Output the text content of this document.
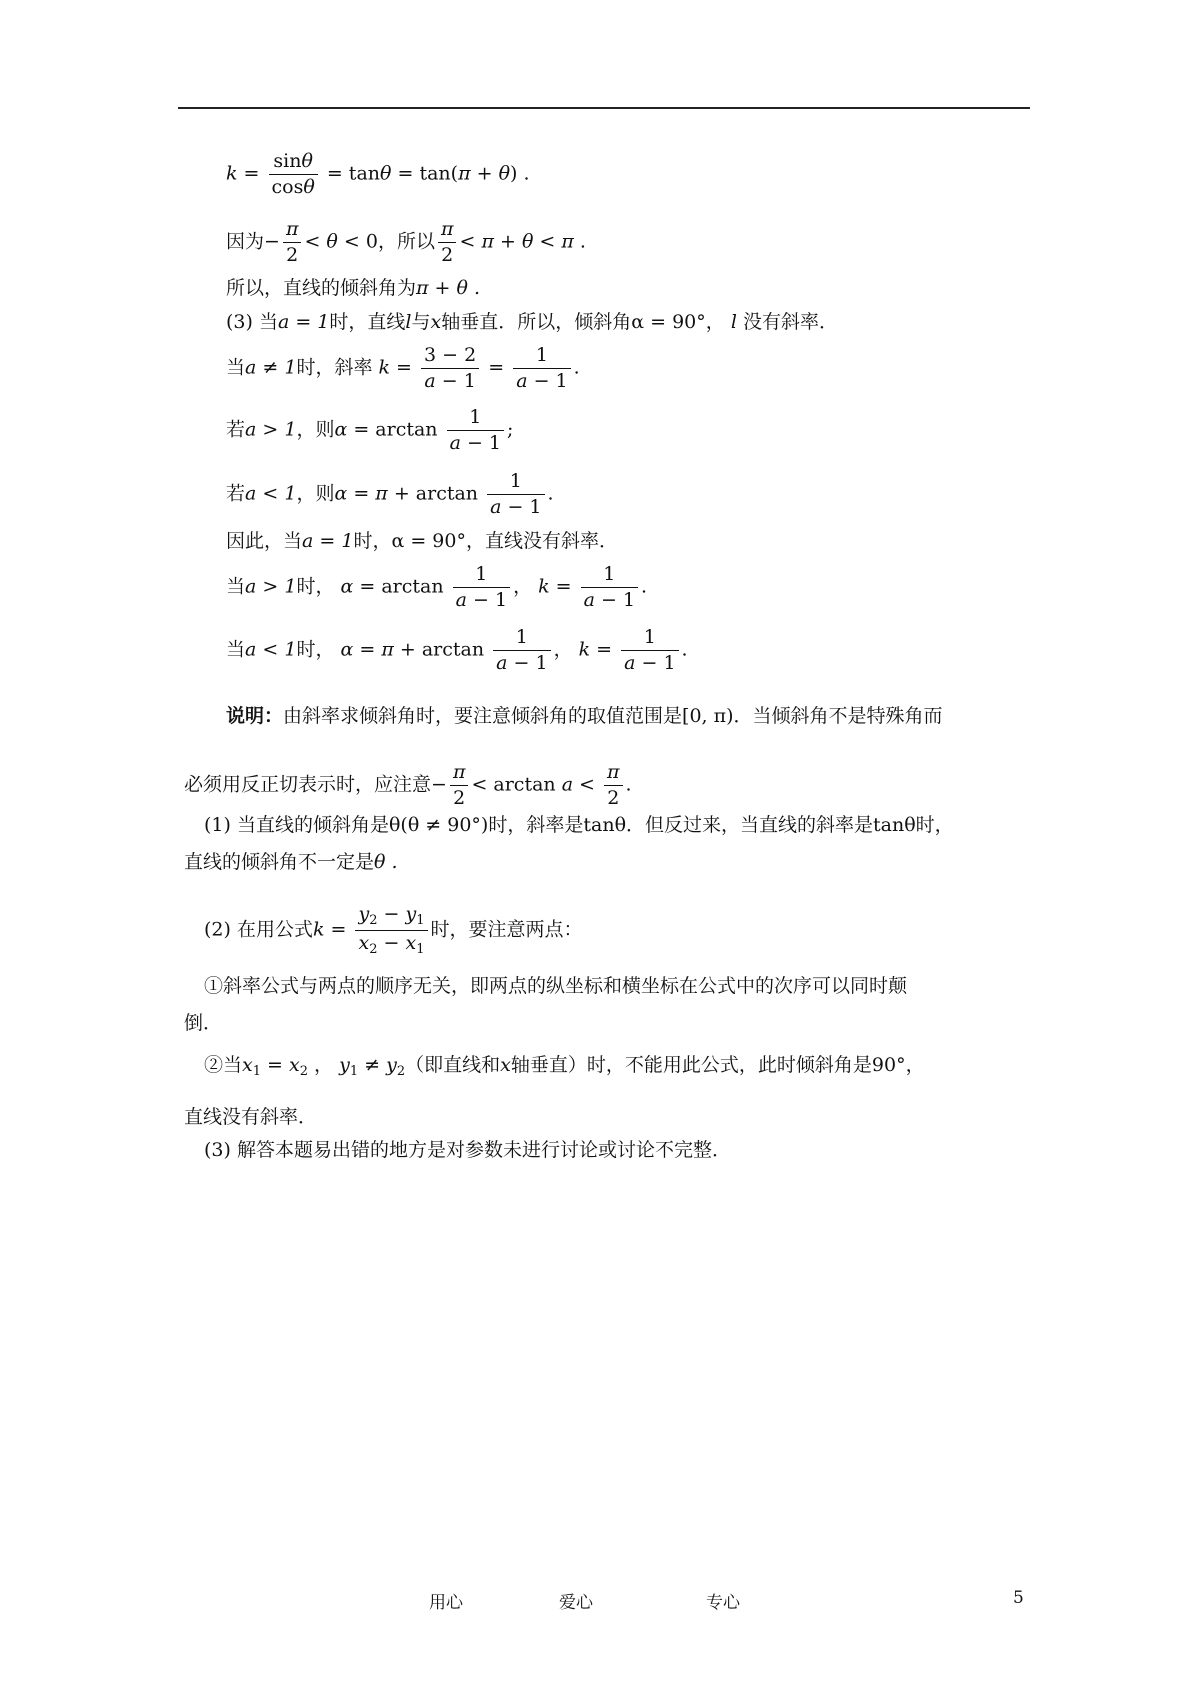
$k = \frac{\sin\theta}{\cos\theta} = \tan\theta = \tan(\pi + \theta)$ .
因为− $\frac{\pi}{2} < \theta < 0$，所以 $\frac{\pi}{2} < \pi + \theta < \pi$ .
所以，直线的倾斜角为π + θ .
(3) 当a = 1时，直线l与x轴垂直．所以，倾斜角α = 90°， l 没有斜率．
当a ≠ 1时，斜率 $k = \frac{3 - 2}{a - 1} = \frac{1}{a - 1}$ .
若a > 1，则$\alpha = \arctan \frac{1}{a - 1}$ ;
若a < 1，则$\alpha = \pi + \arctan \frac{1}{a - 1}$ .
因此，当a = 1时，α = 90°，直线没有斜率．
当a > 1时， $\alpha = \arctan \frac{1}{a - 1}$ ， $k = \frac{1}{a - 1}$ .
当a < 1时， $\alpha = \pi + \arctan \frac{1}{a - 1}$ ， $k = \frac{1}{a - 1}$ .
说明：由斜率求倾斜角时，要注意倾斜角的取值范围是[0, π)．当倾斜角不是特殊角而
必须用反正切表示时，应注意− $\frac{\pi}{2} < \arctan a < \frac{\pi}{2}$ .
(1) 当直线的倾斜角是θ(θ ≠ 90°)时，斜率是tanθ．但反过来，当直线的斜率是tanθ时，
直线的倾斜角不一定是θ .
(2) 在用公式$k = \frac{y_2 - y_1}{x_2 - x_1}$ 时，要注意两点：
①斜率公式与两点的顺序无关，即两点的纵坐标和横坐标在公式中的次序可以同时颠
倒．
②当$x_1 = x_2$ ， $y_1 \ne y_2$（即直线和x轴垂直）时，不能用此公式，此时倾斜角是90°，
直线没有斜率．
(3) 解答本题易出错的地方是对参数未进行讨论或讨论不完整．
用心	爱心	专心	5
